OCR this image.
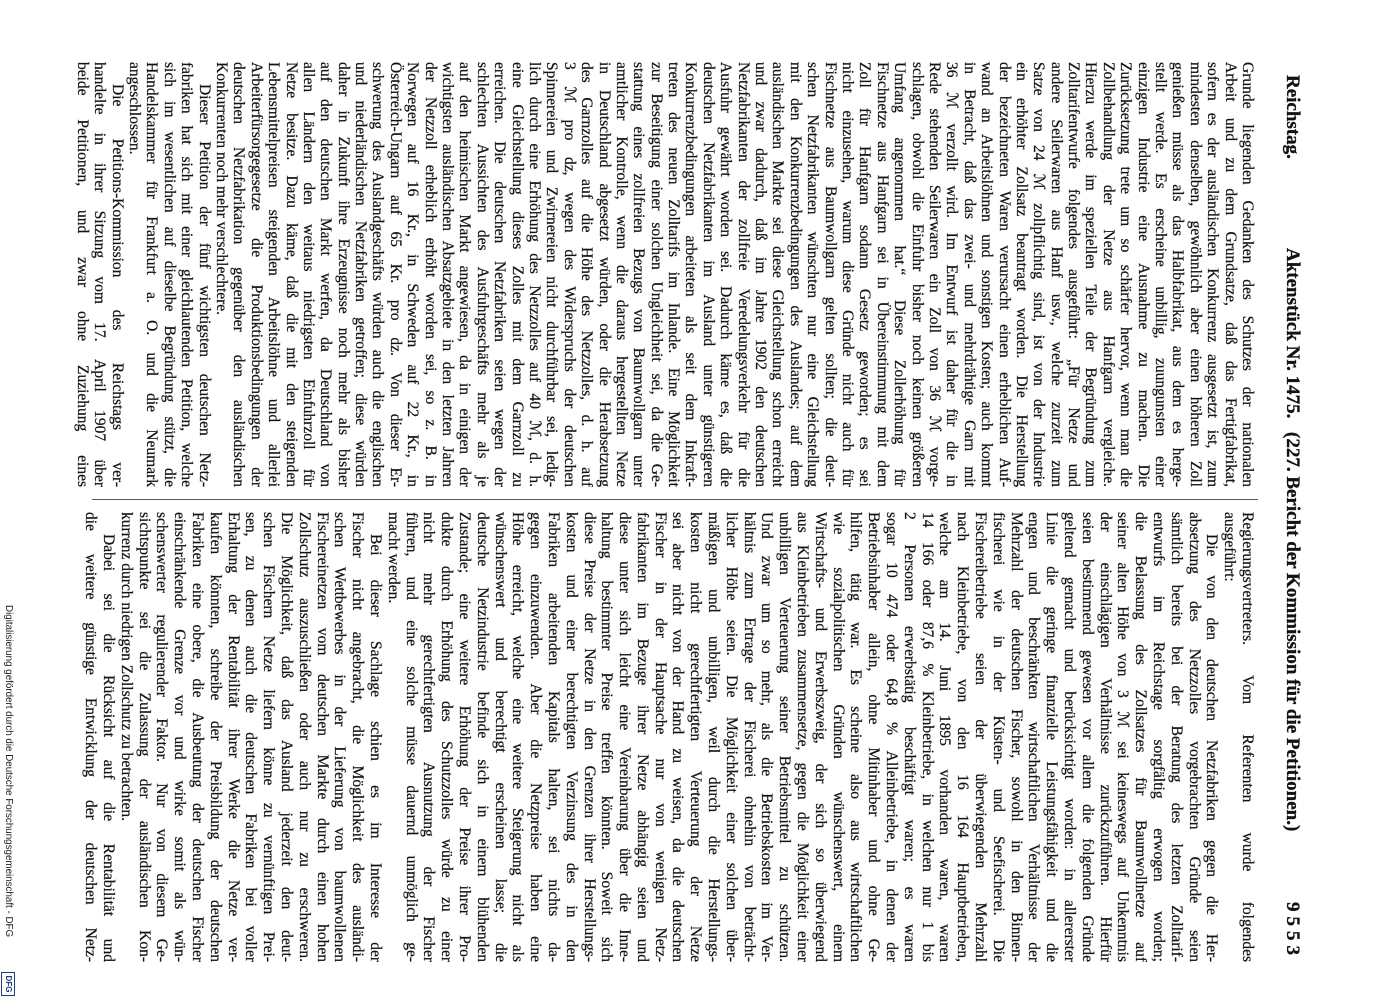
Reichstag.
Aktenstück Nr. 1475.
(227. Bericht der Kommission für die Petitionen.)
9553
Grunde liegenden Gedanken des Schutzes der nationalen
Arbeit und zu dem Grundsatze, daß das Fertigfabrikat,
sofern es der ausländischen Konkurrenz ausgesetzt ist, zum
mindesten denselben, gewöhnlich aber einen höheren Zoll
genießen müsse als das Halbfabrikat, aus dem es herge-
stellt werde. Es erscheine unbillig, zuungunsten einer
einzigen Industrie eine Ausnahme zu machen. Die
Zurücksetzung trete um so schärfer hervor, wenn man die
Zollbehandlung der Netze aus Hanfgarn vergleiche.
Hierzu werde im speziellen Teile der Begründung zum
Zolltarifentwurfe folgendes ausgeführt: „Für Netze und
andere Seilerwaren aus Hanf usw., welche zurzeit zum
Satze von 24 ℳ zollpflichtig sind, ist von der Industrie
ein erhöhter Zollsatz beantragt worden. Die Herstellung
der bezeichneten Waren verursacht einen erheblichen Auf-
wand an Arbeitslöhnen und sonstigen Kosten; auch kommt
in Betracht, daß das zwei- und mehrdrähtige Garn mit
36 ℳ verzollt wird. Im Entwurf ist daher für die in
Rede stehenden Seilerwaren ein Zoll von 36 ℳ vorge-
schlagen, obwohl die Einfuhr bisher noch keinen größeren
Umfang angenommen hat.“ Diese Zollerhöhung für
Fischnetze aus Hanfgarn sei in Übereinstimmung mit dem
Zoll für Hanfgarn sodann Gesetz geworden; es sei
nicht einzusehen, warum diese Gründe nicht auch für
Fischnetze aus Baumwollgarn gelten sollten; die deut-
schen Netzfabrikanten wünschten nur eine Gleichstellung
mit den Konkurrenzbedingungen des Auslandes; auf dem
ausländischen Markte sei diese Gleichstellung schon erreicht
und zwar dadurch, daß im Jahre 1902 den deutschen
Netzfabrikanten der zollfreie Veredelungsverkehr für die
Ausfuhr gewährt worden sei. Dadurch käme es, daß die
deutschen Netzfabrikanten im Ausland unter günstigeren
Konkurrenzbedingungen arbeiteten als seit dem Inkraft-
treten des neuen Zolltarifs im Inlande. Eine Möglichkeit
zur Beseitigung einer solchen Ungleichheit sei, da die Ge-
stattung eines zollfreien Bezugs von Baumwollgarn unter
amtlicher Kontrolle, wenn die daraus hergestellten Netze
in Deutschland abgesetzt würden, oder die Herabsetzung
des Garnzolles auf die Höhe des Netzzolles, d. h. auf
3 ℳ pro dz, wegen des Widerspruchs der deutschen
Spinnereien und Zwirnereien nicht durchführbar sei, ledig-
lich durch eine Erhöhung des Netzzolles auf 40 ℳ, d. h.
eine Gleichstellung dieses Zolles mit dem Garnzoll zu
erreichen. Die deutschen Netzfabriken seien wegen der
schlechten Aussichten des Ausfuhrgeschäfts mehr als je
auf den heimischen Markt angewiesen, da in einigen der
wichtigsten ausländischen Absatzgebiete in den letzten Jahren
der Netzzoll erheblich erhöht worden sei, so z. B. in
Norwegen auf 16 Kr., in Schweden auf 22 Kr., in
Österreich-Ungarn auf 65 Kr. pro dz. Von dieser Er-
schwerung des Auslandgeschäfts würden auch die englischen
und niederländischen Netzfabriken getroffen; diese würden
daher in Zukunft ihre Erzeugnisse noch mehr als bisher
auf den deutschen Markt werfen, da Deutschland von
allen Ländern den weitaus niedrigsten Einfuhrzoll für
Netze besitze. Dazu käme, daß die mit den steigenden
Lebensmittelpreisen steigenden Arbeitslöhne und allerlei
Arbeiterfürsorgegesetze die Produktionsbedingungen der
deutschen Netzfabrikation gegenüber den ausländischen
Konkurrenten noch mehr verschlechtere.
Dieser Petition der fünf wichtigsten deutschen Netz-
fabriken hat sich mit einer gleichlautenden Petition, welche
sich im wesentlichen auf dieselbe Begründung stützt, die
Handelskammer für Frankfurt a. O. und die Neumark
angeschlossen.
Die Petitions-Kommission des Reichstags ver-
handelte in ihrer Sitzung vom 17. April 1907 über
beide Petitionen, und zwar ohne Zuziehung eines
Regierungsvertreters. Vom Referenten wurde folgendes
ausgeführt:
Die von den deutschen Netzfabriken gegen die Her-
absetzung des Netzzolles vorgebrachten Gründe seien
sämtlich bereits bei der Beratung des letzten Zolltarif-
entwurfs im Reichstage sorgfältig erwogen worden;
die Belassung des Zollsatzes für Baumwollnetze auf
seiner alten Höhe von 3 ℳ sei keineswegs auf Unkenntnis
der einschlägigen Verhältnisse zurückzuführen. Hierfür
seien bestimmend gewesen vor allem die folgenden Gründe
geltend gemacht und berücksichtigt worden: in allererster
Linie die geringe finanzielle Leistungsfähigkeit und die
engen und beschränkten wirtschaftlichen Verhältnisse der
Mehrzahl der deutschen Fischer, sowohl in den Binnen-
fischerei wie in der Küsten- und Seefischerei. Die
Fischereibetriebe seien der überwiegenden Mehrzahl
nach Kleinbetriebe, von den 16 164 Hauptbetrieben,
welche am 14. Juni 1895 vorhanden waren, waren
14 166 oder 87,6 % Kleinbetriebe, in welchen nur 1 bis
2 Personen erwerbstätig beschäftigt waren; es waren
sogar 10 474 oder 64,8 % Alleinbetriebe, in denen der
Betriebsinhaber allein, ohne Mitinhaber und ohne Ge-
hilfen, tätig war. Es scheine also aus wirtschaftlichen
wie sozialpolitischen Gründen wünschenswert, einem
Wirtschafts- und Erwerbszweig, der sich so überwiegend
aus Kleinbetrieben zusammensetze, gegen die Möglichkeit einer
unbilligen Verteuerung seiner Betriebsmittel zu schützen.
Und zwar um so mehr, als die Betriebskosten im Ver-
hältnis zum Ertrage der Fischerei ohnehin von beträcht-
licher Höhe seien. Die Möglichkeit einer solchen über-
mäßigen und unbilligen, weil durch die Herstellungs-
kosten nicht gerechtfertigten Verteuerung der Netze
sei aber nicht von der Hand zu weisen, da die deutschen
Fischer in der Hauptsache nur von wenigen Netz-
fabrikanten im Bezuge ihrer Netze abhängig seien und
diese unter sich leicht eine Vereinbarung über die Inne-
haltung bestimmter Preise treffen könnten. Soweit sich
diese Preise der Netze in den Grenzen ihrer Herstellungs-
kosten und einer berechtigten Verzinsung des in den
Fabriken arbeitenden Kapitals halten, sei nichts da-
gegen einzuwenden. Aber die Netzpreise haben eine
Höhe erreicht, welche eine weitere Steigerung nicht als
wünschenswert und berechtigt erscheinen lasse; die
deutsche Netzindustrie befinde sich in einem blühenden
Zustande; eine weitere Erhöhung der Preise ihrer Pro-
dukte durch Erhöhung des Schutzzolles würde zu einer
nicht mehr gerechtfertigten Ausnutzung der Fischer
führen, und eine solche müsse dauernd unmöglich ge-
macht werden.
Bei dieser Sachlage schien es im Interesse der
Fischer nicht angebracht, die Möglichkeit des ausländi-
schen Wettbewerbes in der Lieferung von baumwollenen
Fischereinetzen vom deutschen Markte durch einen hohen
Zollschutz auszuschließen oder auch nur zu erschweren.
Die Möglichkeit, daß das Ausland jederzeit den deut-
schen Fischern Netze liefern könne zu vernünftigen Prei-
sen, zu denen auch die deutschen Fabriken bei voller
Erhaltung der Rentabilität ihrer Werke die Netze ver-
kaufen könnten, schreibe der Preisbildung der deutschen
Fabriken eine obere, die Ausbeutung der deutschen Fischer
einschränkende Grenze vor und wirke somit als wün-
schenswerter regulierender Faktor. Nur von diesem Ge-
sichtspunkte sei die Zulassung der ausländischen Kon-
kurrenz durch niedrigen Zollschutz zu betrachten.
Dabei sei die Rücksicht auf die Rentabilität und
die weitere günstige Entwicklung der deutschen Netz-
Digitalisierung gefördert durch die Deutsche Forschungsgemeinschaft - DFG
DFG
